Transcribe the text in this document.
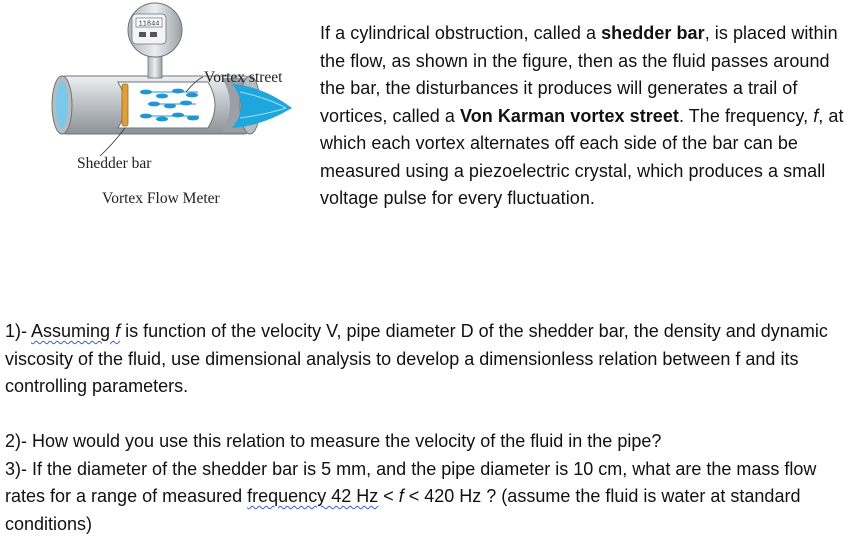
11844
Vortex street
Shedder bar
Vortex Flow Meter
If a cylindrical obstruction, called a shedder bar, is placed within the flow, as shown in the figure, then as the fluid passes around the bar, the disturbances it produces will generates a trail of vortices, called a Von Karman vortex street. The frequency, f, at which each vortex alternates off each side of the bar can be measured using a piezoelectric crystal, which produces a small voltage pulse for every fluctuation.

1)- Assuming f is function of the velocity V, pipe diameter D of the shedder bar, the density and dynamic viscosity of the fluid, use dimensional analysis to develop a dimensionless relation between f and its controlling parameters.

2)- How would you use this relation to measure the velocity of the fluid in the pipe?

3)- If the diameter of the shedder bar is 5 mm, and the pipe diameter is 10 cm, what are the mass flow rates for a range of measured frequency 42 Hz < f < 420 Hz ? (assume the fluid is water at standard conditions)
